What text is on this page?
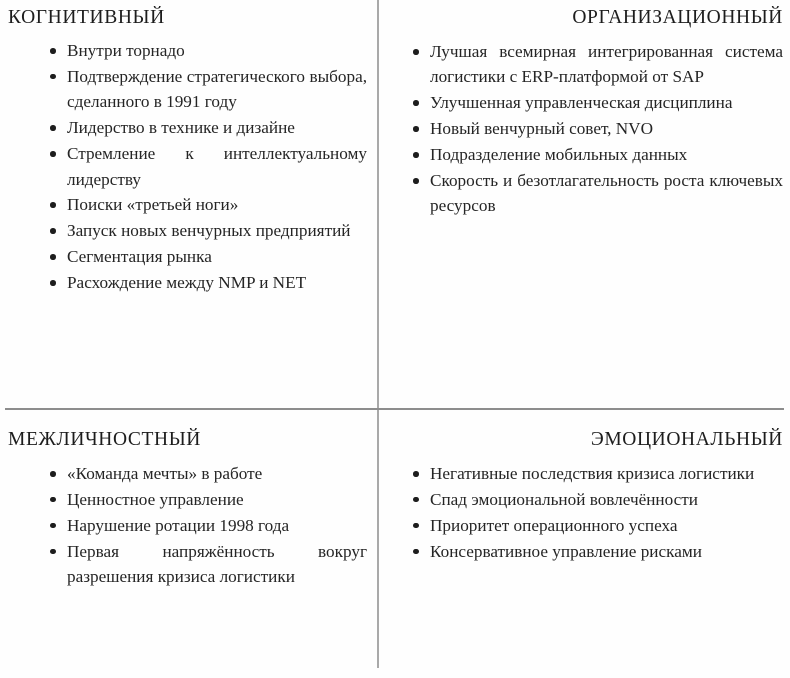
КОГНИТИВНЫЙ
Внутри торнадо
Подтверждение стратегического выбора, сделанного в 1991 году
Лидерство в технике и дизайне
Стремление к интеллектуальному лидерству
Поиски «третьей ноги»
Запуск новых венчурных предприятий
Сегментация рынка
Расхождение между NMP и NET
ОРГАНИЗАЦИОННЫЙ
Лучшая всемирная интегрированная система логистики с ERP-платформой от SAP
Улучшенная управленческая дисциплина
Новый венчурный совет, NVO
Подразделение мобильных данных
Скорость и безотлагательность роста ключевых ресурсов
МЕЖЛИЧНОСТНЫЙ
«Команда мечты» в работе
Ценностное управление
Нарушение ротации 1998 года
Первая напряжённость вокруг разрешения кризиса логистики
ЭМОЦИОНАЛЬНЫЙ
Негативные последствия кризиса логистики
Спад эмоциональной вовлечённости
Приоритет операционного успеха
Консервативное управление рисками
